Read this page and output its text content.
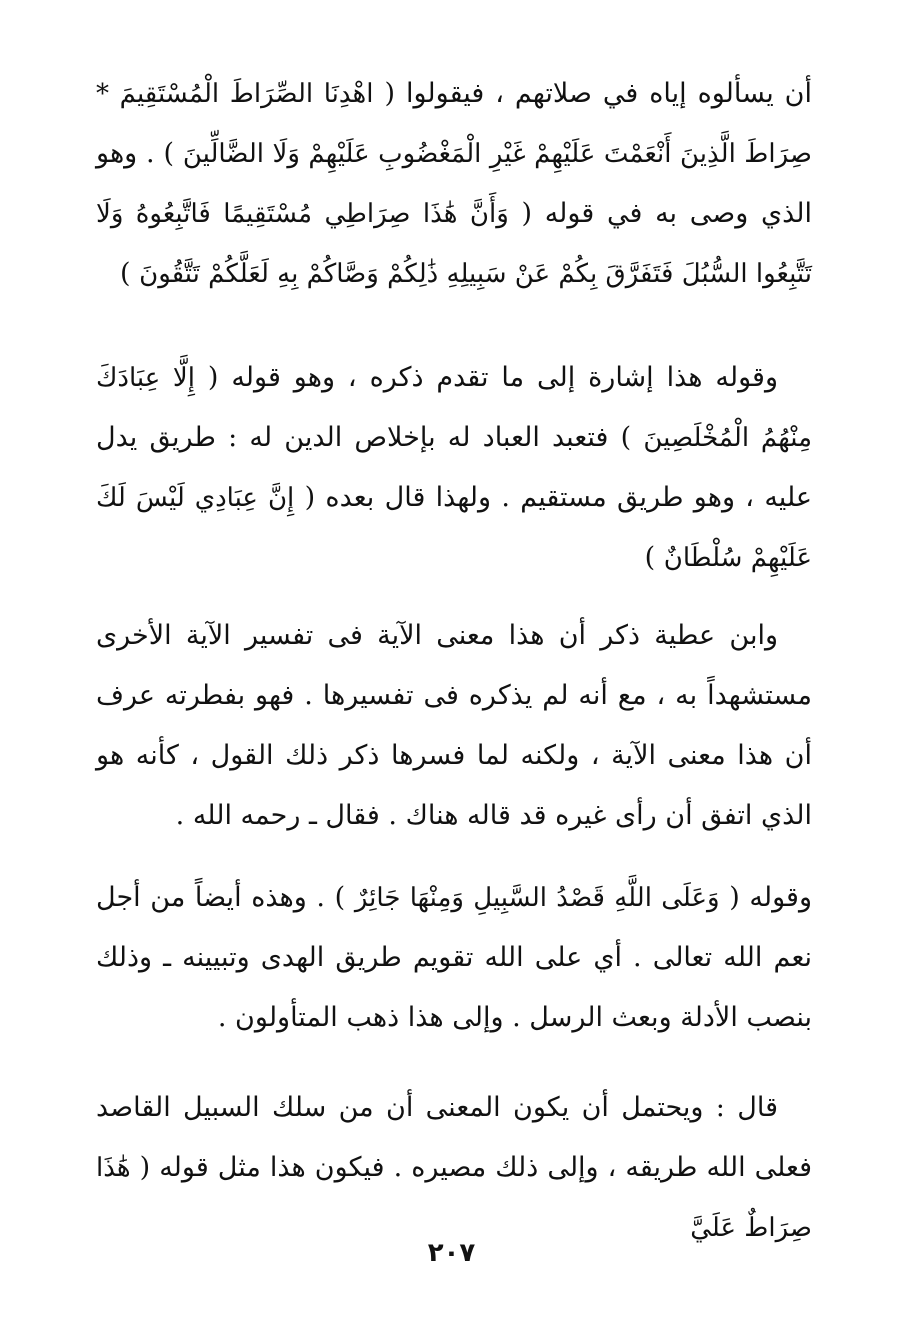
أن يسألوه إياه في صلاتهم ، فيقولوا ( اهْدِنَا الصِّرَاطَ الْمُسْتَقِيمَ * صِرَاطَ الَّذِينَ أَنْعَمْتَ عَلَيْهِمْ غَيْرِ الْمَغْضُوبِ عَلَيْهِمْ وَلَا الضَّالِّينَ ) . وهو الذي وصى به في قوله ( وَأَنَّ هَٰذَا صِرَاطِي مُسْتَقِيمًا فَاتَّبِعُوهُ وَلَا تَتَّبِعُوا السُّبُلَ فَتَفَرَّقَ بِكُمْ عَنْ سَبِيلِهِ ذَٰلِكُمْ وَصَّاكُمْ بِهِ لَعَلَّكُمْ تَتَّقُونَ )

وقوله هذا إشارة إلى ما تقدم ذكره ، وهو قوله ( إِلَّا عِبَادَكَ مِنْهُمُ الْمُخْلَصِينَ ) فتعبد العباد له بإخلاص الدين له : طريق يدل عليه ، وهو طريق مستقيم . ولهذا قال بعده ( إِنَّ عِبَادِي لَيْسَ لَكَ عَلَيْهِمْ سُلْطَانٌ )

وابن عطية ذكر أن هذا معنى الآية فى تفسير الآية الأخرى مستشهداً به ، مع أنه لم يذكره فى تفسيرها . فهو بفطرته عرف أن هذا معنى الآية ، ولكنه لما فسرها ذكر ذلك القول ، كأنه هو الذي اتفق أن رأى غيره قد قاله هناك . فقال ـ رحمه الله .

وقوله ( وَعَلَى اللَّهِ قَصْدُ السَّبِيلِ وَمِنْهَا جَائِرٌ ) . وهذه أيضاً من أجل نعم الله تعالى . أي على الله تقويم طريق الهدى وتبيينه ـ وذلك بنصب الأدلة وبعث الرسل . وإلى هذا ذهب المتأولون .

قال : ويحتمل أن يكون المعنى أن من سلك السبيل القاصد فعلى الله طريقه ، وإلى ذلك مصيره . فيكون هذا مثل قوله ( هَٰذَا صِرَاطٌ عَلَيَّ

٢٠٧
